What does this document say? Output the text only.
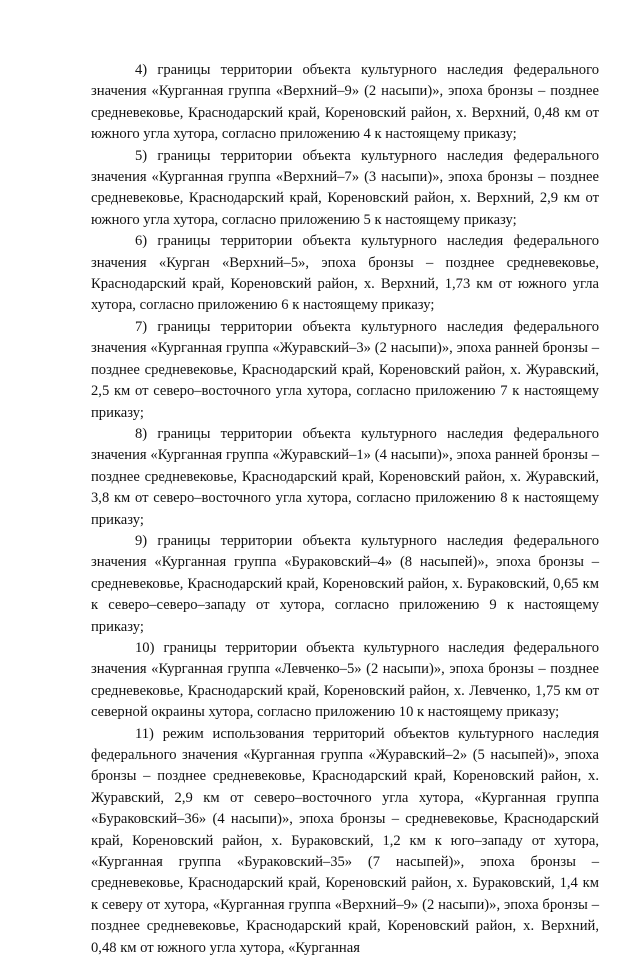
4) границы территории объекта культурного наследия федерального значения «Курганная группа «Верхний–9» (2 насыпи)», эпоха бронзы – позднее средневековье, Краснодарский край, Кореновский район, х. Верхний, 0,48 км от южного угла хутора, согласно приложению 4 к настоящему приказу;

5) границы территории объекта культурного наследия федерального значения «Курганная группа «Верхний–7» (3 насыпи)», эпоха бронзы – позднее средневековье, Краснодарский край, Кореновский район, х. Верхний, 2,9 км от южного угла хутора, согласно приложению 5 к настоящему приказу;

6) границы территории объекта культурного наследия федерального значения «Курган «Верхний–5», эпоха бронзы – позднее средневековье, Краснодарский край, Кореновский район, х. Верхний, 1,73 км от южного угла хутора, согласно приложению 6 к настоящему приказу;

7) границы территории объекта культурного наследия федерального значения «Курганная группа «Журавский–3» (2 насыпи)», эпоха ранней бронзы – позднее средневековье, Краснодарский край, Кореновский район, х. Журавский, 2,5 км от северо–восточного угла хутора, согласно приложению 7 к настоящему приказу;

8) границы территории объекта культурного наследия федерального значения «Курганная группа «Журавский–1» (4 насыпи)», эпоха ранней бронзы – позднее средневековье, Краснодарский край, Кореновский район, х. Журавский, 3,8 км от северо–восточного угла хутора, согласно приложению 8 к настоящему приказу;

9) границы территории объекта культурного наследия федерального значения «Курганная группа «Бураковский–4» (8 насыпей)», эпоха бронзы – средневековье, Краснодарский край, Кореновский район, х. Бураковский, 0,65 км к северо–северо–западу от хутора, согласно приложению 9 к настоящему приказу;

10) границы территории объекта культурного наследия федерального значения «Курганная группа «Левченко–5» (2 насыпи)», эпоха бронзы – позднее средневековье, Краснодарский край, Кореновский район, х. Левченко, 1,75 км от северной окраины хутора, согласно приложению 10 к настоящему приказу;

11) режим использования территорий объектов культурного наследия федерального значения «Курганная группа «Журавский–2» (5 насыпей)», эпоха бронзы – позднее средневековье, Краснодарский край, Кореновский район, х. Журавский, 2,9 км от северо–восточного угла хутора, «Курганная группа «Бураковский–36» (4 насыпи)», эпоха бронзы – средневековье, Краснодарский край, Кореновский район, х. Бураковский, 1,2 км к юго–западу от хутора, «Курганная группа «Бураковский–35» (7 насыпей)», эпоха бронзы –средневековье, Краснодарский край, Кореновский район, х. Бураковский, 1,4 км к северу от хутора, «Курганная группа «Верхний–9» (2 насыпи)», эпоха бронзы – позднее средневековье, Краснодарский край, Кореновский район, х. Верхний, 0,48 км от южного угла хутора, «Курганная
